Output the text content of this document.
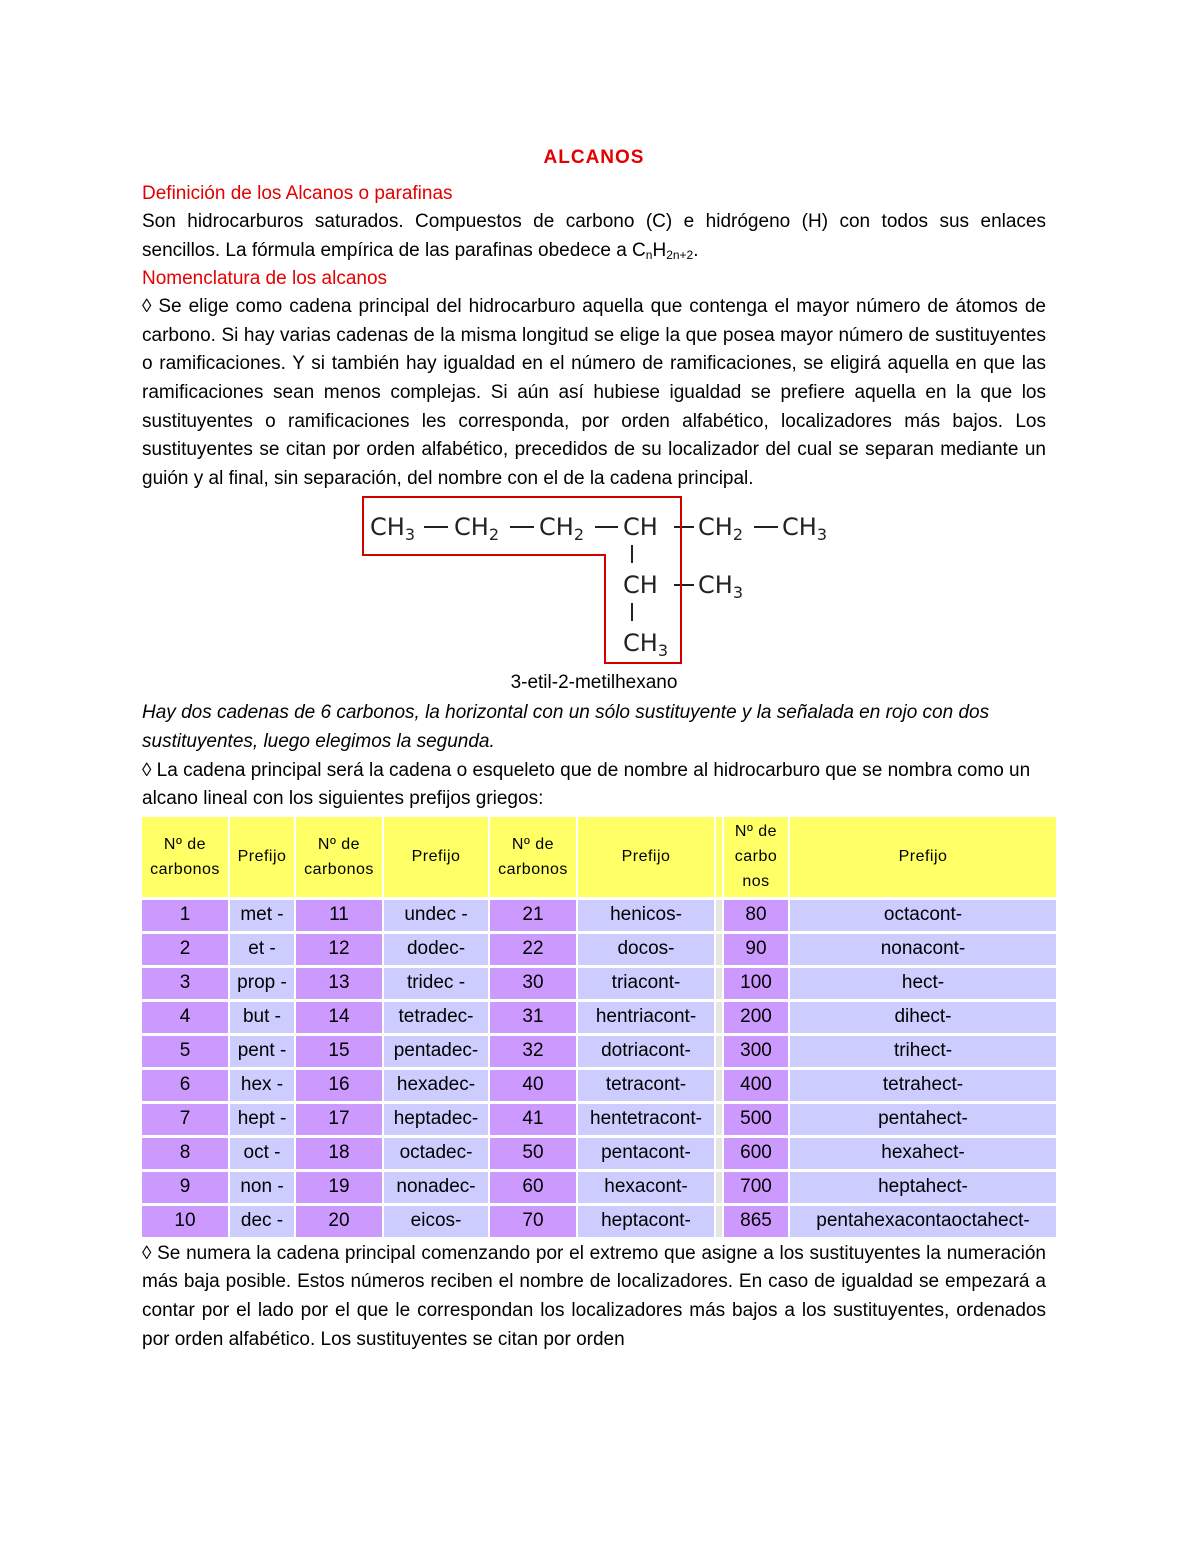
ALCANOS
Definición de los Alcanos o parafinas

Son hidrocarburos saturados. Compuestos de carbono (C) e hidrógeno (H) con todos sus enlaces sencillos. La fórmula empírica de las parafinas obedece a $C_nH_{2n+2}$.

Nomenclatura de los alcanos

◊ Se elige como cadena principal del hidrocarburo aquella que contenga el mayor número de átomos de carbono. Si hay varias cadenas de la misma longitud se elige la que posea mayor número de sustituyentes o ramificaciones. Y si también hay igualdad en el número de ramificaciones, se eligirá aquella en que las ramificaciones sean menos complejas. Si aún así hubiese igualdad se prefiere aquella en la que los sustituyentes o ramificaciones les corresponda, por orden alfabético, localizadores más bajos. Los sustituyentes se citan por orden alfabético, precedidos de su localizador del cual se separan mediante un guión y al final, sin separación, del nombre con el de la cadena principal.

$CH_3$ $CH_2$ $CH_2$ CH $CH_2$ $CH_3$
CH $CH_3$
$CH_3$
3-etil-2-metilhexano

Hay dos cadenas de 6 carbonos, la horizontal con un sólo sustituyente y la señalada en rojo con dos sustituyentes, luego elegimos la segunda.

◊ La cadena principal será la cadena o esqueleto que de nombre al hidrocarburo que se nombra como un alcano lineal con los siguientes prefijos griegos:

Nº de carbonos	Prefijo	Nº de carbonos	Prefijo	Nº de carbonos	Prefijo		Nº de carbo nos	Prefijo
1	met -	11	undec -	21	henicos-		80	octacont-
2	et -	12	dodec-	22	docos-		90	nonacont-
3	prop -	13	tridec -	30	triacont-		100	hect-
4	but -	14	tetradec-	31	hentriacont-		200	dihect-
5	pent -	15	pentadec-	32	dotriacont-		300	trihect-
6	hex -	16	hexadec-	40	tetracont-		400	tetrahect-
7	hept -	17	heptadec-	41	hentetracont-		500	pentahect-
8	oct -	18	octadec-	50	pentacont-		600	hexahect-
9	non -	19	nonadec-	60	hexacont-		700	heptahect-
10	dec -	20	eicos-	70	heptacont-		865	pentahexacontaoctahect-

◊ Se numera la cadena principal comenzando por el extremo que asigne a los sustituyentes la numeración más baja posible. Estos números reciben el nombre de localizadores. En caso de igualdad se empezará a contar por el lado por el que le correspondan los localizadores más bajos a los sustituyentes, ordenados por orden alfabético. Los sustituyentes se citan por orden
